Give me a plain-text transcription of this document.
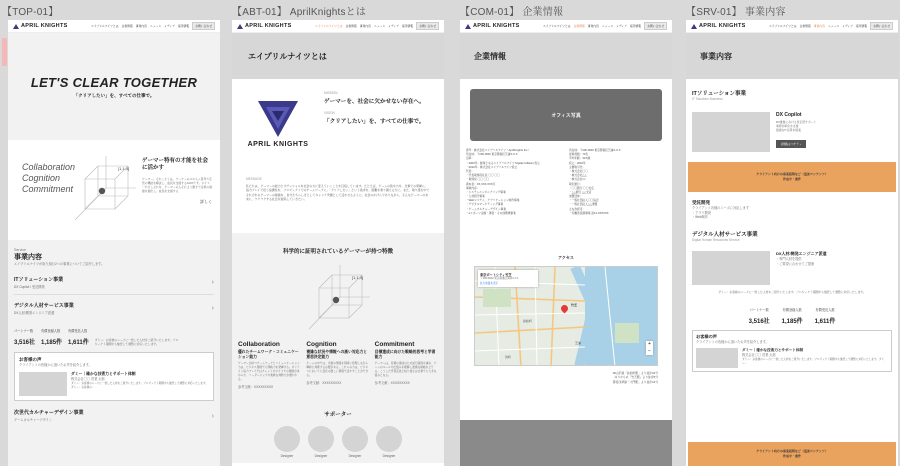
【TOP-01】
APRIL KNIGHTS	エイプリルナイツとは 企業情報 事業内容 ニュース メディア 採用情報	お問い合わせ
LET'S CLEAR TOGETHER
「クリアしたい」を、すべての仕事で。
Collaboration
Cognition
Commitment
[1,1,4]
ゲーマー特有の才能を社会に活かす
ゲーマー。それこそうは、ワーヤーのゴホもム思考で定続の機能を解決し、成長を支援するGOOです。ボイス一かせしそれを、ゲーマーの人それよう勤きで企業の価値を創出し、成長を支援する
詳しく
Service
事業内容
エイプリルナイツが取り組む2つの事業についてご紹介します。
ITソリューション事業
DX Copilot / 受託開発
›
デジタル人材サービス事業
DX人材/開発エンジニア派遣
›
パートナー数
3,516社
有償登録人数
1,185件
有償受託人数
1,611件
ダミー：お客様のニーズに一致した人材をご紹介いたします。プロジェクト期間中も継続して調整に対応いたします。
お客様の声
クライアントの皆様から頂いたお声を紹介します。
ダミー｜確かな技術力とサポート体制
株式会社〇〇 営業 太郎
ダミー：お客様のニーズに一致した人材をご紹介いたします。プロジェクト期間中も継続して調整に対応いたします。ダミー：お客様の...
次世代カルチャーデザイン事業
ゲームカルチャーデザイン
›
【ABT-01】 AprilKnightsとは
APRIL KNIGHTS	エイプリルナイツとは 企業情報 事業内容 ニュース メディア 採用情報	お問い合わせ
エイプリルナイツとは
APRIL KNIGHTS
MISSION
ゲーマーを、社会に欠かせない存在へ。
VISION
「クリアしたい」を、すべての仕事で。
MESSAGE
私たちは、ゲーマーの能力とポテンシャルを社会の力に変えていくことを目指しています。たとえば、ゲームの集中力を、仕事での発揮に。協力プレイで培う協調性を、プロジェクトでのチームワークに。「クリアしたい」という欲求を、困難を乗り越える力に。また、取り組む中でそれぞれのゲーマーの価値を、自分たちらしさとしてキャリア実績として活かせるように。社会のかけらでありながら、そんなゲーマーの未来に、ワクワクする社会を創造していきたい。
科学的に証明されているゲーマーが持つ特徴
[1,1,4]
Collaboration
優れたチームワーク・コミュニケーション能力
ゲーマーが持つチームワークとコミュニケーション力は、ビジネス環境でも即戦力を発揮する。オンライン協力プレイではチャットやボイスでの連携が求められ、リーダーシップや柔軟な判断力が磨かれる。
参考文献：XXXXXXXXX
Cognition
複雑な状況や情報への高い対応力と意思決定能力
ゲームの中では、多数の情報を同時に処理しながら瞬時に判断する必要がある。これらの力は、ビジネスにおいても変化の激しい環境で活かすことができる。
参考文献：XXXXXXXXX
Commitment
目標達成に向けた戦略的思考と学習能力
ゲーマーは、目標の達成のため試行錯誤を重ね、ゲームのルールや仕組みを理解し最適な戦略を立てる。こうした学習意欲と粘り強さは仕事でも大きな強みとなる。
参考文献：XXXXXXXXX
サポーター
Designer	Designer	Designer	Designer
【COM-01】 企業情報
APRIL KNIGHTS	エイプリルナイツとは 企業情報 事業内容 ニュース メディア 採用情報	お問い合わせ
企業情報
オフィス写真
商号：株式会社エイプリルナイツ（AprilKnights Inc.）
所在地：〒000-0000 東京都港区芝浦X-X-X
沿革：
・2000年：創業となるエイプリルナイツ Digital Collision 設立
・2010年：株式会社エイプリルナイツ設立
代表：
・代表取締役社長 〇〇 〇〇
・取締役 〇〇 〇〇
資本金：XX,XXX,XXX円
事業内容：
・システムエンジニアリング事業
・人材紹介事業
・Webシステム、アプリケーション制作事業
・デジタルマーケティング事業
・ゲームカルチャーデザイン事業
・eスポーツ企画・運営・その他関連事業
所在地：〒000-0000 東京都港区芝浦X-X-X
従業員数：70名
平均年齢：30.5歳
設立：2010年
主要取引先：
・株式会社〇〇
・株式会社△△
・株式会社□□
取引銀行：
・〇〇銀行 〇〇支店
・△△銀行 △△支店
加盟団体：
・一般社団法人〇〇協会
・一般社団法人△△連盟
主な許認可：
・労働者派遣事業 派13-XXXXXX
アクセス
東京ポートシティ竹芝
〒105-0022 東京都港区海岸1-7-1
拡大地図を表示
竹芝
浜松町
田町
芝浦	+
−
JR山手線「浜松町駅」より徒歩10分
ゆりかもめ「竹芝駅」より徒歩5分
都営浅草線「大門駅」より徒歩12分
【SRV-01】 事業内容
APRIL KNIGHTS	エイプリルナイツとは 企業情報 事業内容 ニュース メディア 採用情報	お問い合わせ
事業内容
ITソリューション事業
IT Solutions Business
DX Copilot
DX推進における伴走型サポート
業務効率化を支援
最適なIT活用を提案
詳細はコチラ ›
クライアント向けの事業説明など（追加コンテンツ）
作成中・案件
受託開発
クライアント各様のニーズに対応します
・アプリ開発
・Web制作
デジタル人材サービス事業
Digital Human Resources Service
DX人材/開発エンジニア派遣
・専門人材を提供
・ご要望に合わせてご提案
ダミー：お客様のニーズに一致した人材をご紹介いたします。プロジェクト期間中も継続して調整に対応いたします。
パートナー数
3,516社
有償登録人数
1,185件
有償受託人数
1,611件
お客様の声
クライアントの皆様から頂いたお声を紹介します。
ダミー｜確かな技術力とサポート体制
株式会社〇〇 営業 太郎
ダミー：お客様のニーズに一致した人材をご紹介いたします。プロジェクト期間中も継続して調整に対応いたします。ダミー...
クライアント向けの事業説明など（追加コンテンツ）
作成中・案件
